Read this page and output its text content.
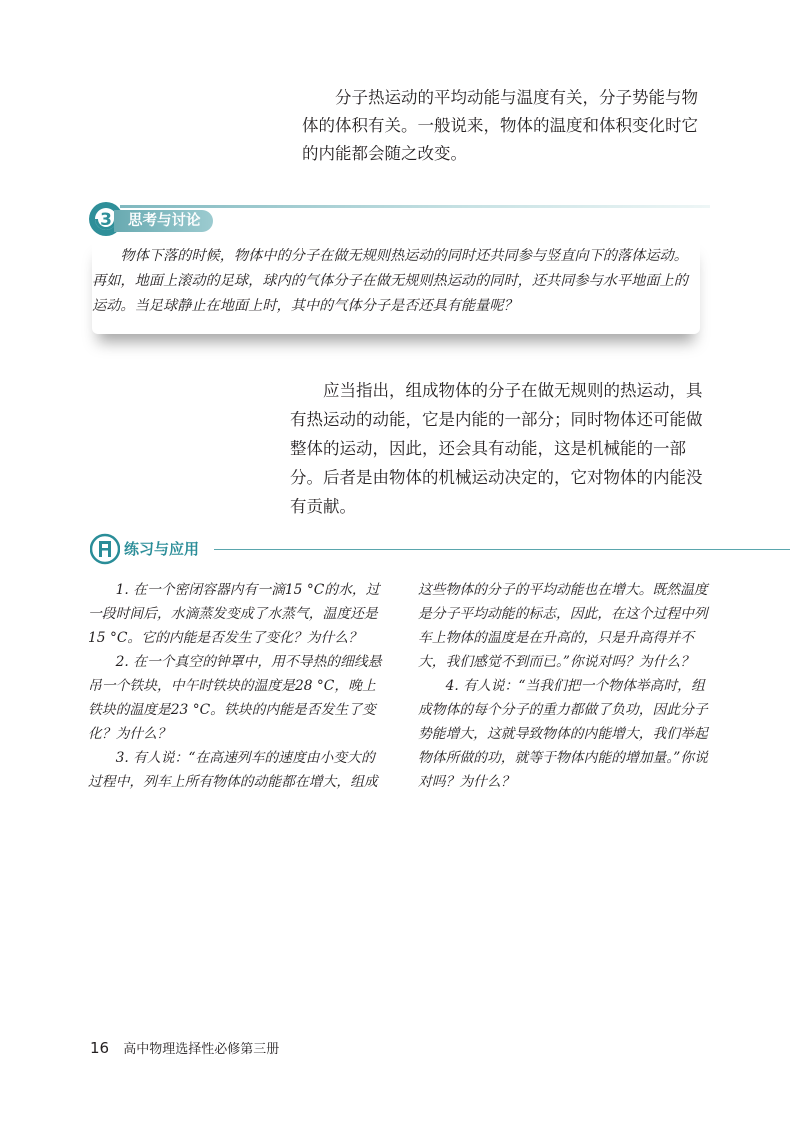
分子热运动的平均动能与温度有关，分子势能与物体的体积有关。一般说来，物体的温度和体积变化时它的内能都会随之改变。

3	思考与讨论

物体下落的时候，物体中的分子在做无规则热运动的同时还共同参与竖直向下的落体运动。再如，地面上滚动的足球，球内的气体分子在做无规则热运动的同时，还共同参与水平地面上的运动。当足球静止在地面上时，其中的气体分子是否还具有能量呢？

应当指出，组成物体的分子在做无规则的热运动，具有热运动的动能，它是内能的一部分；同时物体还可能做整体的运动，因此，还会具有动能，这是机械能的一部分。后者是由物体的机械运动决定的，它对物体的内能没有贡献。

练习与应用

1. 在一个密闭容器内有一滴15 °C的水，过一段时间后，水滴蒸发变成了水蒸气，温度还是15 °C。它的内能是否发生了变化？为什么？

2. 在一个真空的钟罩中，用不导热的细线悬吊一个铁块，中午时铁块的温度是28 °C，晚上铁块的温度是23 °C。铁块的内能是否发生了变化？为什么？

3. 有人说：“在高速列车的速度由小变大的过程中，列车上所有物体的动能都在增大，组成

这些物体的分子的平均动能也在增大。既然温度是分子平均动能的标志，因此，在这个过程中列车上物体的温度是在升高的，只是升高得并不大，我们感觉不到而已。”你说对吗？为什么？

4. 有人说：“当我们把一个物体举高时，组成物体的每个分子的重力都做了负功，因此分子势能增大，这就导致物体的内能增大，我们举起物体所做的功，就等于物体内能的增加量。”你说对吗？为什么？

16 高中物理选择性必修第三册
